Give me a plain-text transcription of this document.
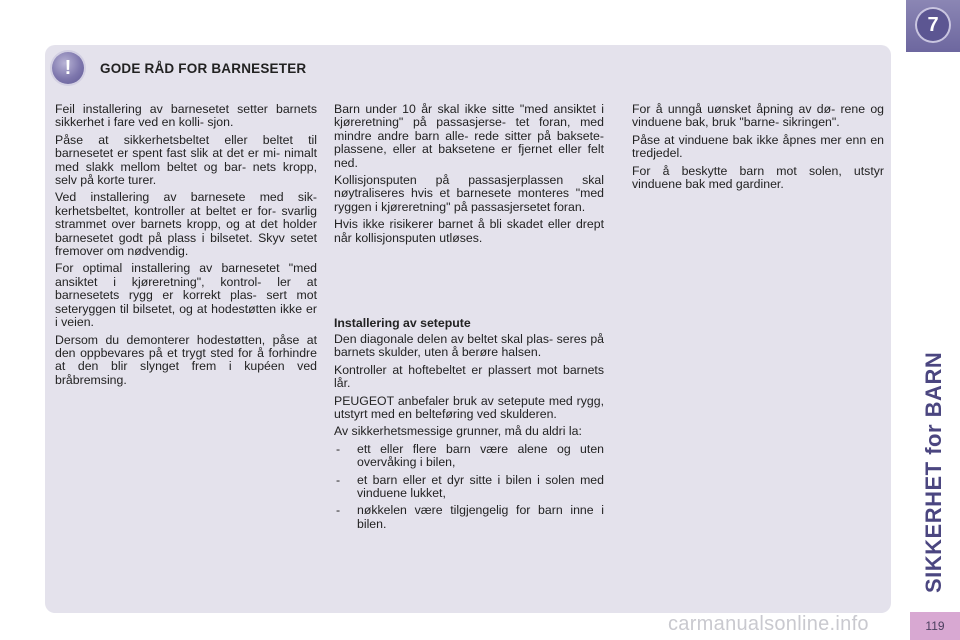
!	GODE RÅD FOR BARNESETER

Feil installering av barnesetet setter barnets sikkerhet i fare ved en kolli- sjon.

Påse at sikkerhetsbeltet eller beltet til barnesetet er spent fast slik at det er mi- nimalt med slakk mellom beltet og bar- nets kropp, selv på korte turer.

Ved installering av barnesete med sik- kerhetsbeltet, kontroller at beltet er for- svarlig strammet over barnets kropp, og at det holder barnesetet godt på plass i bilsetet. Skyv setet fremover om nødvendig.

For optimal installering av barnesetet "med ansiktet i kjøreretning", kontrol- ler at barnesetets rygg er korrekt plas- sert mot seteryggen til bilsetet, og at hodestøtten ikke er i veien.

Dersom du demonterer hodestøtten, påse at den oppbevares på et trygt sted for å forhindre at den blir slynget frem i kupéen ved bråbremsing.

Barn under 10 år skal ikke sitte "med ansiktet i kjøreretning" på passasjerse- tet foran, med mindre andre barn alle- rede sitter på bakseteplassene, eller at baksetene er fjernet eller felt ned.

Kollisjonsputen på passasjerplassen skal nøytraliseres hvis et barnesete monteres "med ryggen i kjøreretning" på passasjersetet foran.

Hvis ikke risikerer barnet å bli skadet eller drept når kollisjonsputen utløses.

Installering av setepute

Den diagonale delen av beltet skal plas- seres på barnets skulder, uten å berøre halsen.

Kontroller at hoftebeltet er plassert mot barnets lår.

PEUGEOT anbefaler bruk av setepute med rygg, utstyrt med en belteføring ved skulderen.

Av sikkerhetsmessige grunner, må du aldri la:

- ett eller flere barn være alene og uten overvåking i bilen,
- et barn eller et dyr sitte i bilen i solen med vinduene lukket,
- nøkkelen være tilgjengelig for barn inne i bilen.

For å unngå uønsket åpning av dø- rene og vinduene bak, bruk "barne- sikringen".

Påse at vinduene bak ikke åpnes mer enn en tredjedel.

For å beskytte barn mot solen, utstyr vinduene bak med gardiner.

7
SIKKERHET for BARN
119
carmanualsonline.info
